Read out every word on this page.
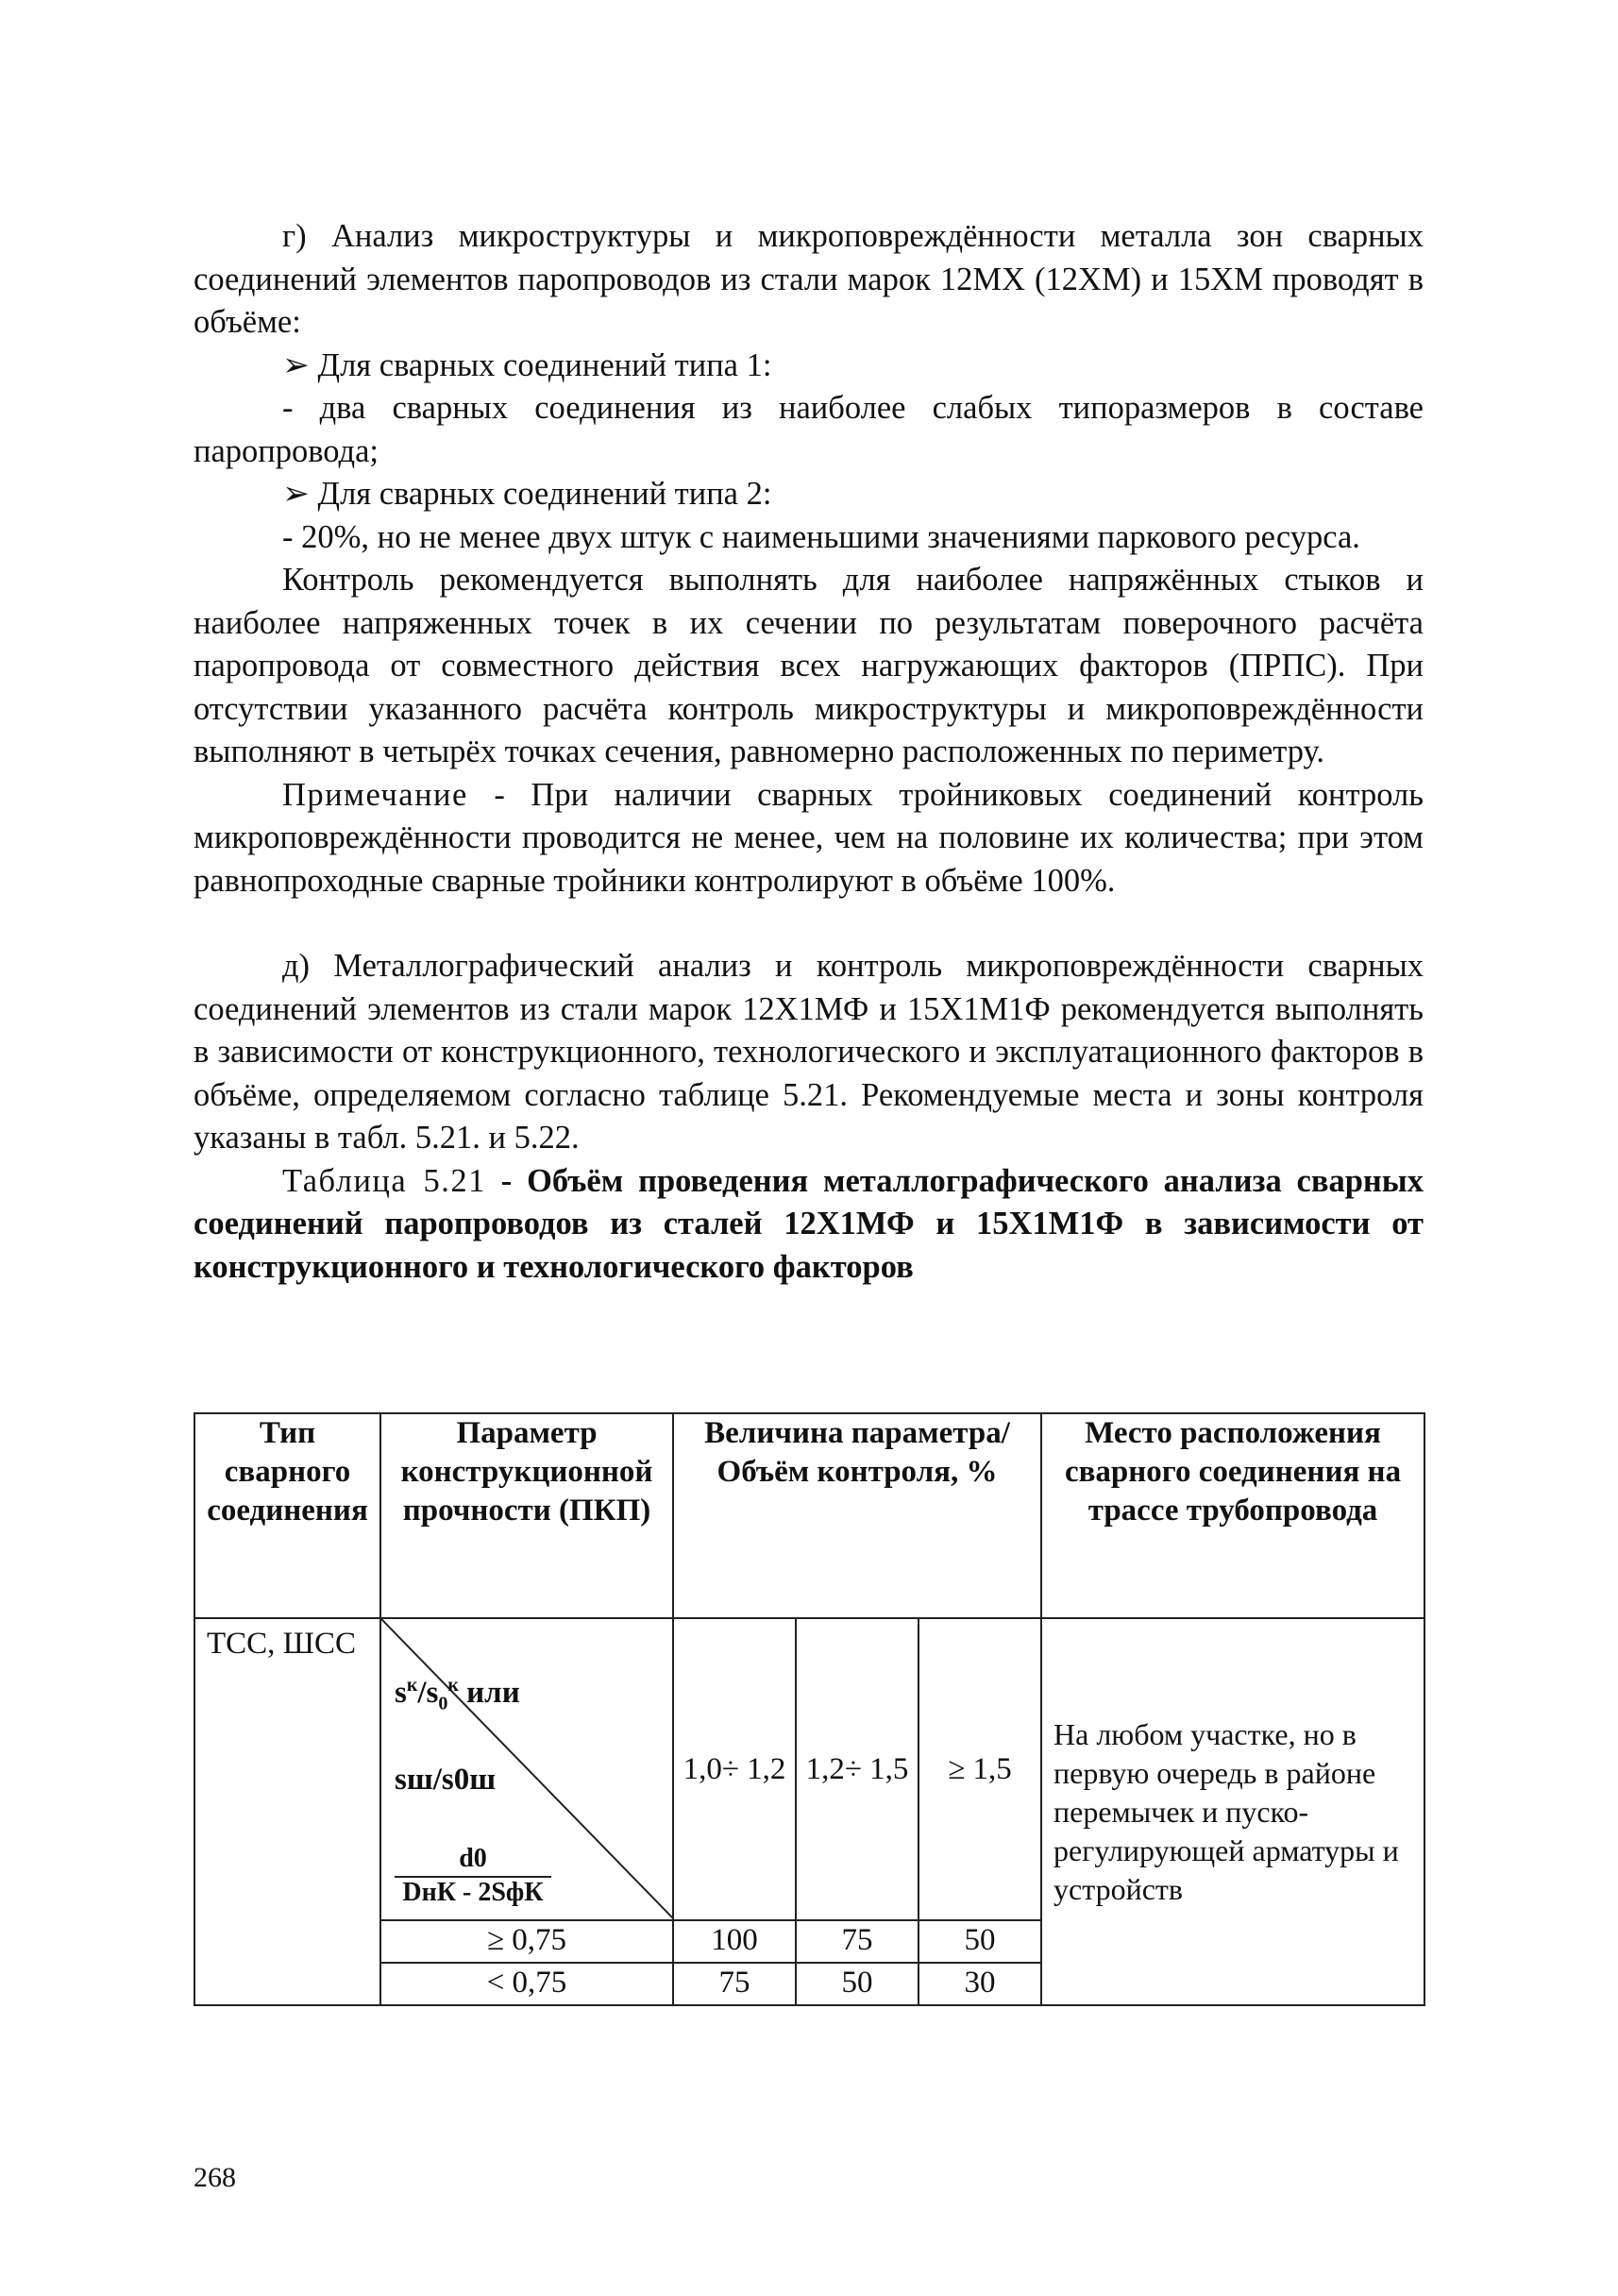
г) Анализ микроструктуры и микроповреждённости металла зон сварных соединений элементов паропроводов из стали марок 12МХ (12ХМ) и 15ХМ проводят в объёме:

➢ Для сварных соединений типа 1:

- два сварных соединения из наиболее слабых типоразмеров в составе паропровода;

➢ Для сварных соединений типа 2:

- 20%, но не менее двух штук с наименьшими значениями паркового ресурса.

Контроль рекомендуется выполнять для наиболее напряжённых стыков и наиболее напряженных точек в их сечении по результатам поверочного расчёта паропровода от совместного действия всех нагружающих факторов (ПРПС). При отсутствии указанного расчёта контроль микроструктуры и микроповреждённости выполняют в четырёх точках сечения, равномерно расположенных по периметру.

Примечание - При наличии сварных тройниковых соединений контроль микроповреждённости проводится не менее, чем на половине их количества; при этом равнопроходные сварные тройники контролируют в объёме 100%.

д) Металлографический анализ и контроль микроповреждённости сварных соединений элементов из стали марок 12Х1МФ и 15Х1М1Ф рекомендуется выполнять в зависимости от конструкционного, технологического и эксплуатационного факторов в объёме, определяемом согласно таблице 5.21. Рекомендуемые места и зоны контроля указаны в табл. 5.21. и 5.22.

Таблица 5.21 - Объём проведения металлографического анализа сварных соединений паропроводов из сталей 12Х1МФ и 15Х1М1Ф в зависимости от конструкционного и технологического факторов

Тип сварного соединения	Параметр конструкционной прочности (ПКП)	Величина параметра/ Объём контроля, %			Место расположения сварного соединения на трассе трубопровода
ТСС, ШСС	$s^к/s_0^к$ или
sш/s0ш
d0
DнК - 2SфК	1,0÷ 1,2	1,2÷ 1,5	≥ 1,5	На любом участке, но в первую очередь в районе перемычек и пуско-регулирующей арматуры и устройств
	≥ 0,75	100	75	50	
	< 0,75	75	50	30	
268
